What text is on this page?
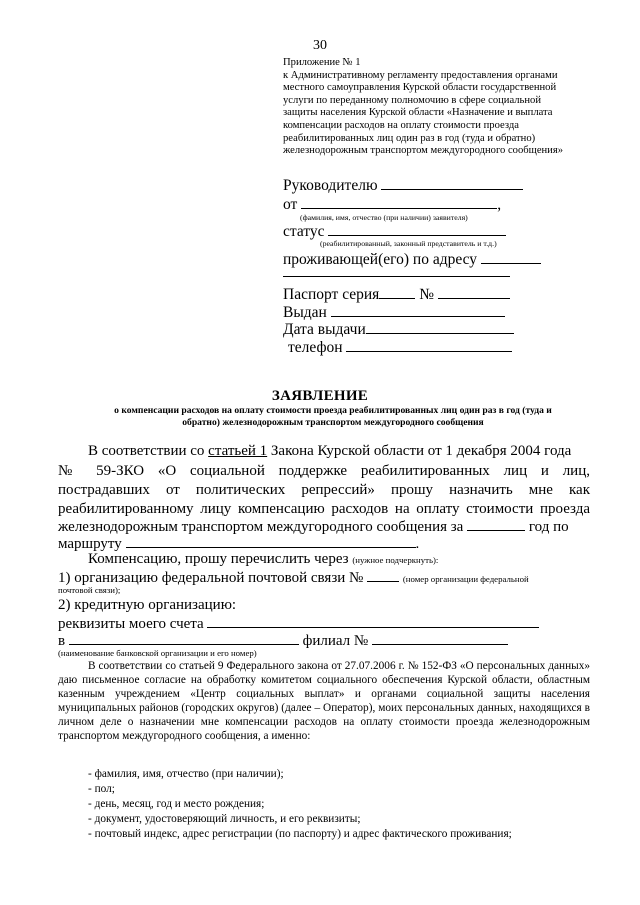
30
Приложение № 1
к Административному регламенту предоставления органами
местного самоуправления Курской области государственной
услуги по переданному полномочию в сфере социальной
защиты населения Курской области «Назначение и выплата
компенсации расходов на оплату стоимости проезда
реабилитированных лиц один раз в год (туда и обратно)
железнодорожным транспортом междугородного сообщения»
Руководителю
от	,
(фамилия, имя, отчество (при наличии) заявителя)
статус
(реабилитированный, законный представитель и т.д.)
проживающей(его) по адресу
Паспорт серия	№
Выдан
Дата выдачи
телефон
ЗАЯВЛЕНИЕ
о компенсации расходов на оплату стоимости проезда реабилитированных лиц один раз в год (туда и
обратно) железнодорожным транспортом междугородного сообщения
В соответствии со статьей 1 Закона Курской области от 1 декабря 2004 года
№ 59-ЗКО «О социальной поддержке реабилитированных лиц и лиц,
пострадавших от политических репрессий» прошу назначить мне как
реабилитированному лицу компенсацию расходов на оплату стоимости проезда
железнодорожным транспортом междугородного сообщения за	год по
маршруту	.
Компенсацию, прошу перечислить через (нужное подчеркнуть):
1) организацию федеральной почтовой связи №	(номер организации федеральной
почтовой связи);
2) кредитную организацию:
реквизиты моего счета
в	филиал №
(наименование банковской организации и его номер)
В соответствии со статьей 9 Федерального закона от 27.07.2006 г. № 152-ФЗ «О персональных данных» даю письменное согласие на обработку комитетом социального обеспечения Курской области, областным казенным учреждением «Центр социальных выплат» и органами социальной защиты населения муниципальных районов (городских округов) (далее – Оператор), моих персональных данных, находящихся в личном деле о назначении мне компенсации расходов на оплату стоимости проезда железнодорожным транспортом междугородного сообщения, а именно:
- фамилия, имя, отчество (при наличии);
- пол;
- день, месяц, год и место рождения;
- документ, удостоверяющий личность, и его реквизиты;
- почтовый индекс, адрес регистрации (по паспорту) и адрес фактического проживания;
